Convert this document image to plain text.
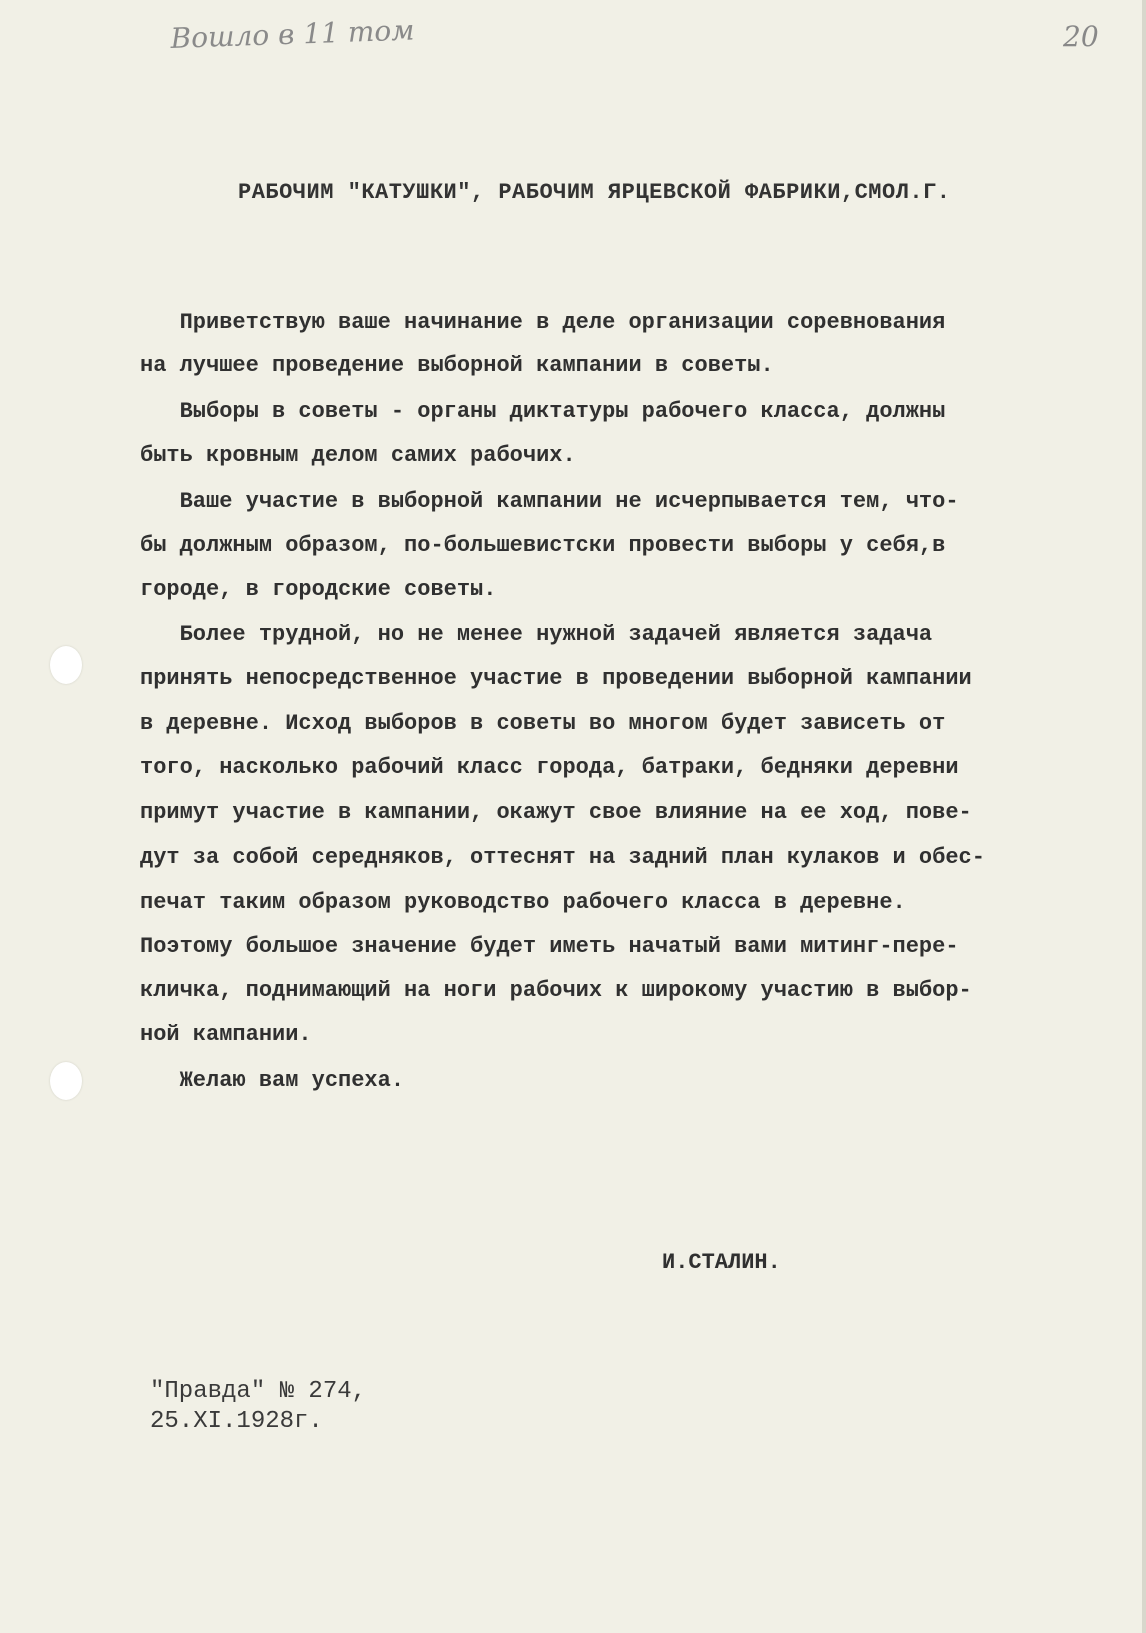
Вошло в 11 том	20
РАБОЧИМ "КАТУШКИ", РАБОЧИМ ЯРЦЕВСКОЙ ФАБРИКИ,СМОЛ.Г.
Приветствую ваше начинание в деле организации соревнования
на лучшее проведение выборной кампании в советы.
Выборы в советы - органы диктатуры рабочего класса, должны
быть кровным делом самих рабочих.
Ваше участие в выборной кампании не исчерпывается тем, что-
бы должным образом, по-большевистски провести выборы у себя,в
городе, в городские советы.
Более трудной, но не менее нужной задачей является задача
принять непосредственное участие в проведении выборной кампании
в деревне. Исход выборов в советы во многом будет зависеть от
того, насколько рабочий класс города, батраки, бедняки деревни
примут участие в кампании, окажут свое влияние на ее ход, пове-
дут за собой середняков, оттеснят на задний план кулаков и обес-
печат таким образом руководство рабочего класса в деревне.
Поэтому большое значение будет иметь начатый вами митинг-пере-
кличка, поднимающий на ноги рабочих к широкому участию в выбор-
ной кампании.
Желаю вам успеха.
И.СТАЛИН.
"Правда" № 274,
25.XI.1928г.
